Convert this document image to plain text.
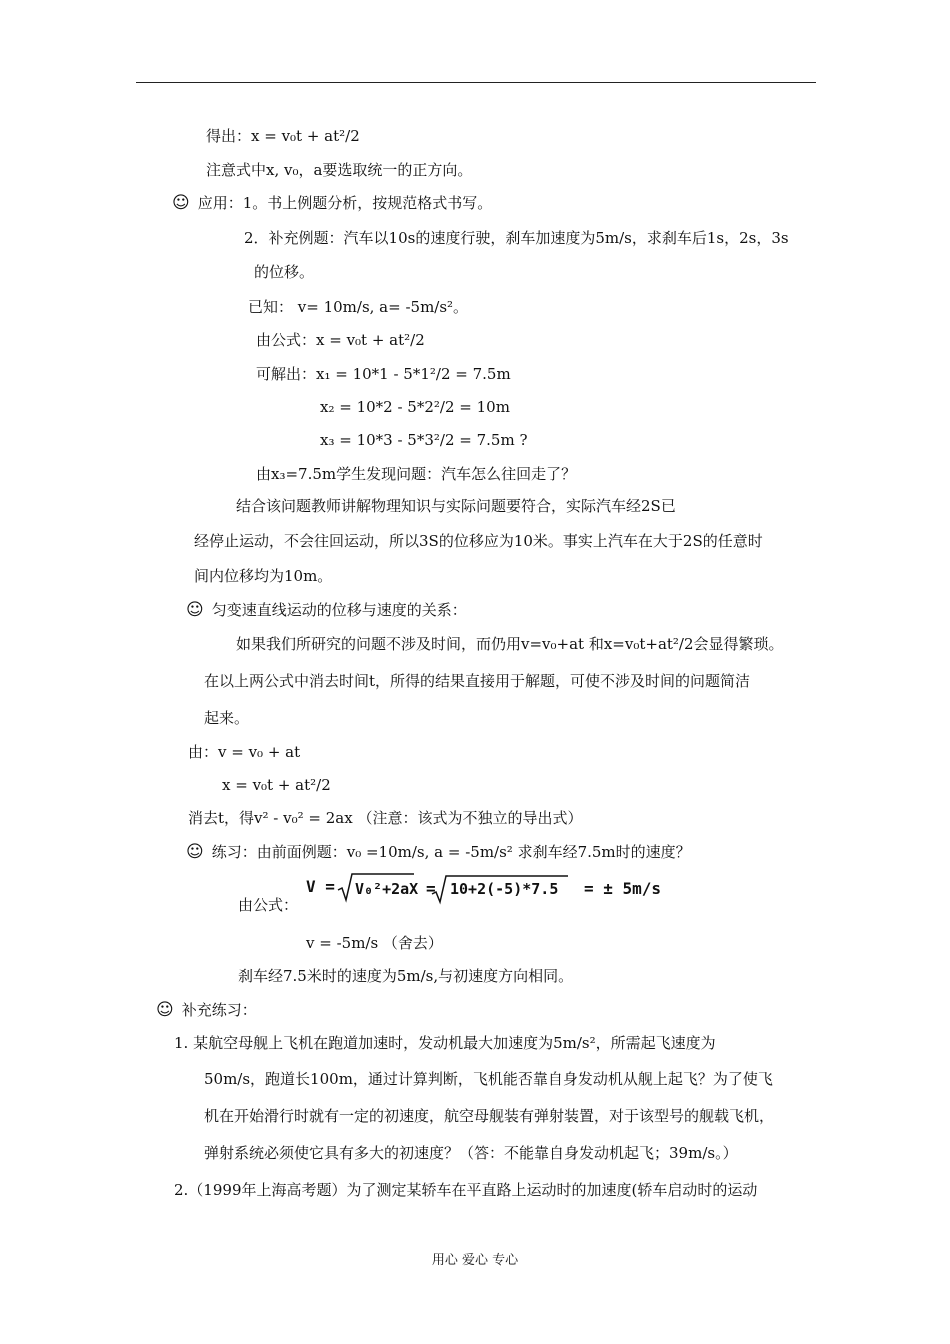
得出：x = v₀t + at²/2
注意式中x, v₀，a要选取统一的正方向。
☺ 应用：1。书上例题分析，按规范格式书写。
2．补充例题：汽车以10s的速度行驶，刹车加速度为5m/s，求刹车后1s，2s，3s
的位移。
已知： v= 10m/s, a= -5m/s²。
由公式：x = v₀t + at²/2
可解出：x₁ = 10*1 - 5*1²/2 = 7.5m
x₂ = 10*2 - 5*2²/2 = 10m
x₃ = 10*3 - 5*3²/2 = 7.5m ?
由x₃=7.5m学生发现问题：汽车怎么往回走了？
结合该问题教师讲解物理知识与实际问题要符合，实际汽车经2S已
经停止运动，不会往回运动，所以3S的位移应为10米。事实上汽车在大于2S的任意时
间内位移均为10m。
☺ 匀变速直线运动的位移与速度的关系：
如果我们所研究的问题不涉及时间，而仍用v=v₀+at 和x=v₀t+at²/2会显得繁琐。
在以上两公式中消去时间t，所得的结果直接用于解题，可使不涉及时间的问题简洁
起来。
由：v = v₀ + at
x = v₀t + at²/2
消去t，得v² - v₀² = 2ax （注意：该式为不独立的导出式）
☺ 练习：由前面例题：v₀ =10m/s, a = -5m/s² 求刹车经7.5m时的速度？
由公式：
V = V₀²+2aX = 10+2(-5)*7.5 = ± 5m/s
v = -5m/s （舍去）
刹车经7.5米时的速度为5m/s,与初速度方向相同。
☺ 补充练习：
1. 某航空母舰上飞机在跑道加速时，发动机最大加速度为5m/s²，所需起飞速度为
50m/s，跑道长100m，通过计算判断，飞机能否靠自身发动机从舰上起飞？为了使飞
机在开始滑行时就有一定的初速度，航空母舰装有弹射装置，对于该型号的舰载飞机，
弹射系统必须使它具有多大的初速度？（答：不能靠自身发动机起飞；39m/s。）
2.（1999年上海高考题）为了测定某轿车在平直路上运动时的加速度(轿车启动时的运动
用心 爱心 专心
